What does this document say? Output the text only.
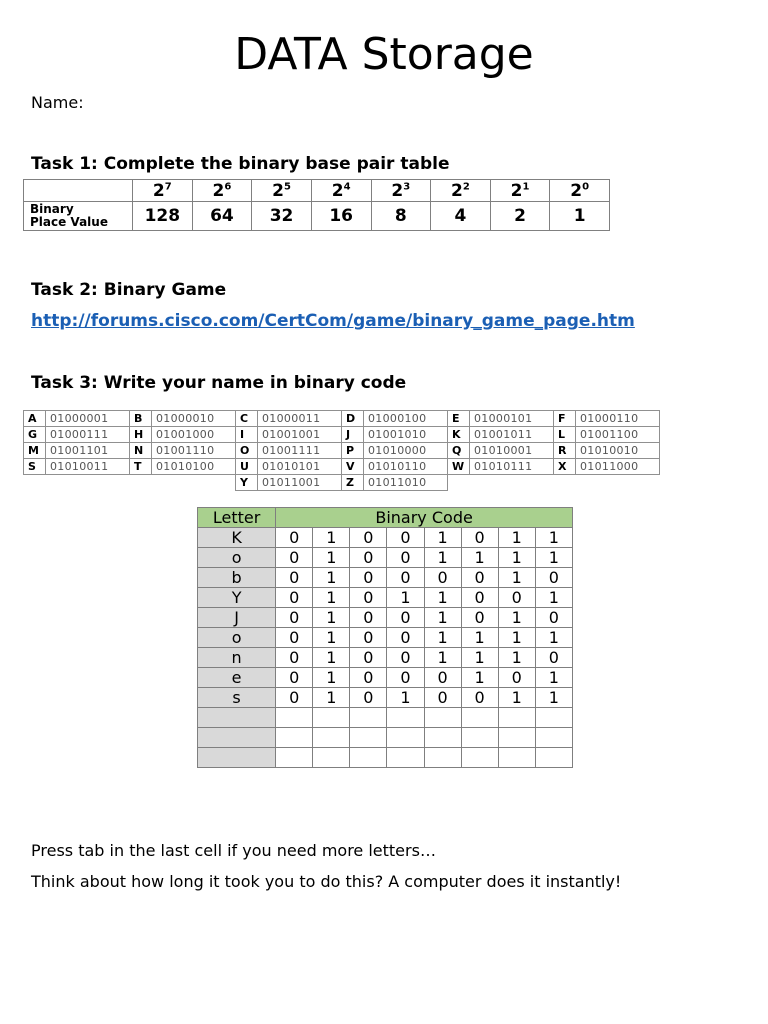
DATA Storage
Name:
Task 1: Complete the binary base pair table
	$2^7$	$2^6$	$2^5$	$2^4$	$2^3$	$2^2$	$2^1$	$2^0$
Binary
Place Value	128	64	32	16	8	4	2	1
Task 2: Binary Game
http://forums.cisco.com/CertCom/game/binary_game_page.htm
Task 3: Write your name in binary code
A	01000001	B	01000010	C	01000011	D	01000100	E	01000101	F	01000110
G	01000111	H	01001000	I	01001001	J	01001010	K	01001011	L	01001100
M	01001101	N	01001110	O	01001111	P	01010000	Q	01010001	R	01010010
S	01010011	T	01010100	U	01010101	V	01010110	W	01010111	X	01011000
				Y	01011001	Z	01011010				
Letter	Binary Code							
K	0	1	0	0	1	0	1	1
o	0	1	0	0	1	1	1	1
b	0	1	0	0	0	0	1	0
Y	0	1	0	1	1	0	0	1
J	0	1	0	0	1	0	1	0
o	0	1	0	0	1	1	1	1
n	0	1	0	0	1	1	1	0
e	0	1	0	0	0	1	0	1
s	0	1	0	1	0	0	1	1

Press tab in the last cell if you need more letters…
Think about how long it took you to do this? A computer does it instantly!
